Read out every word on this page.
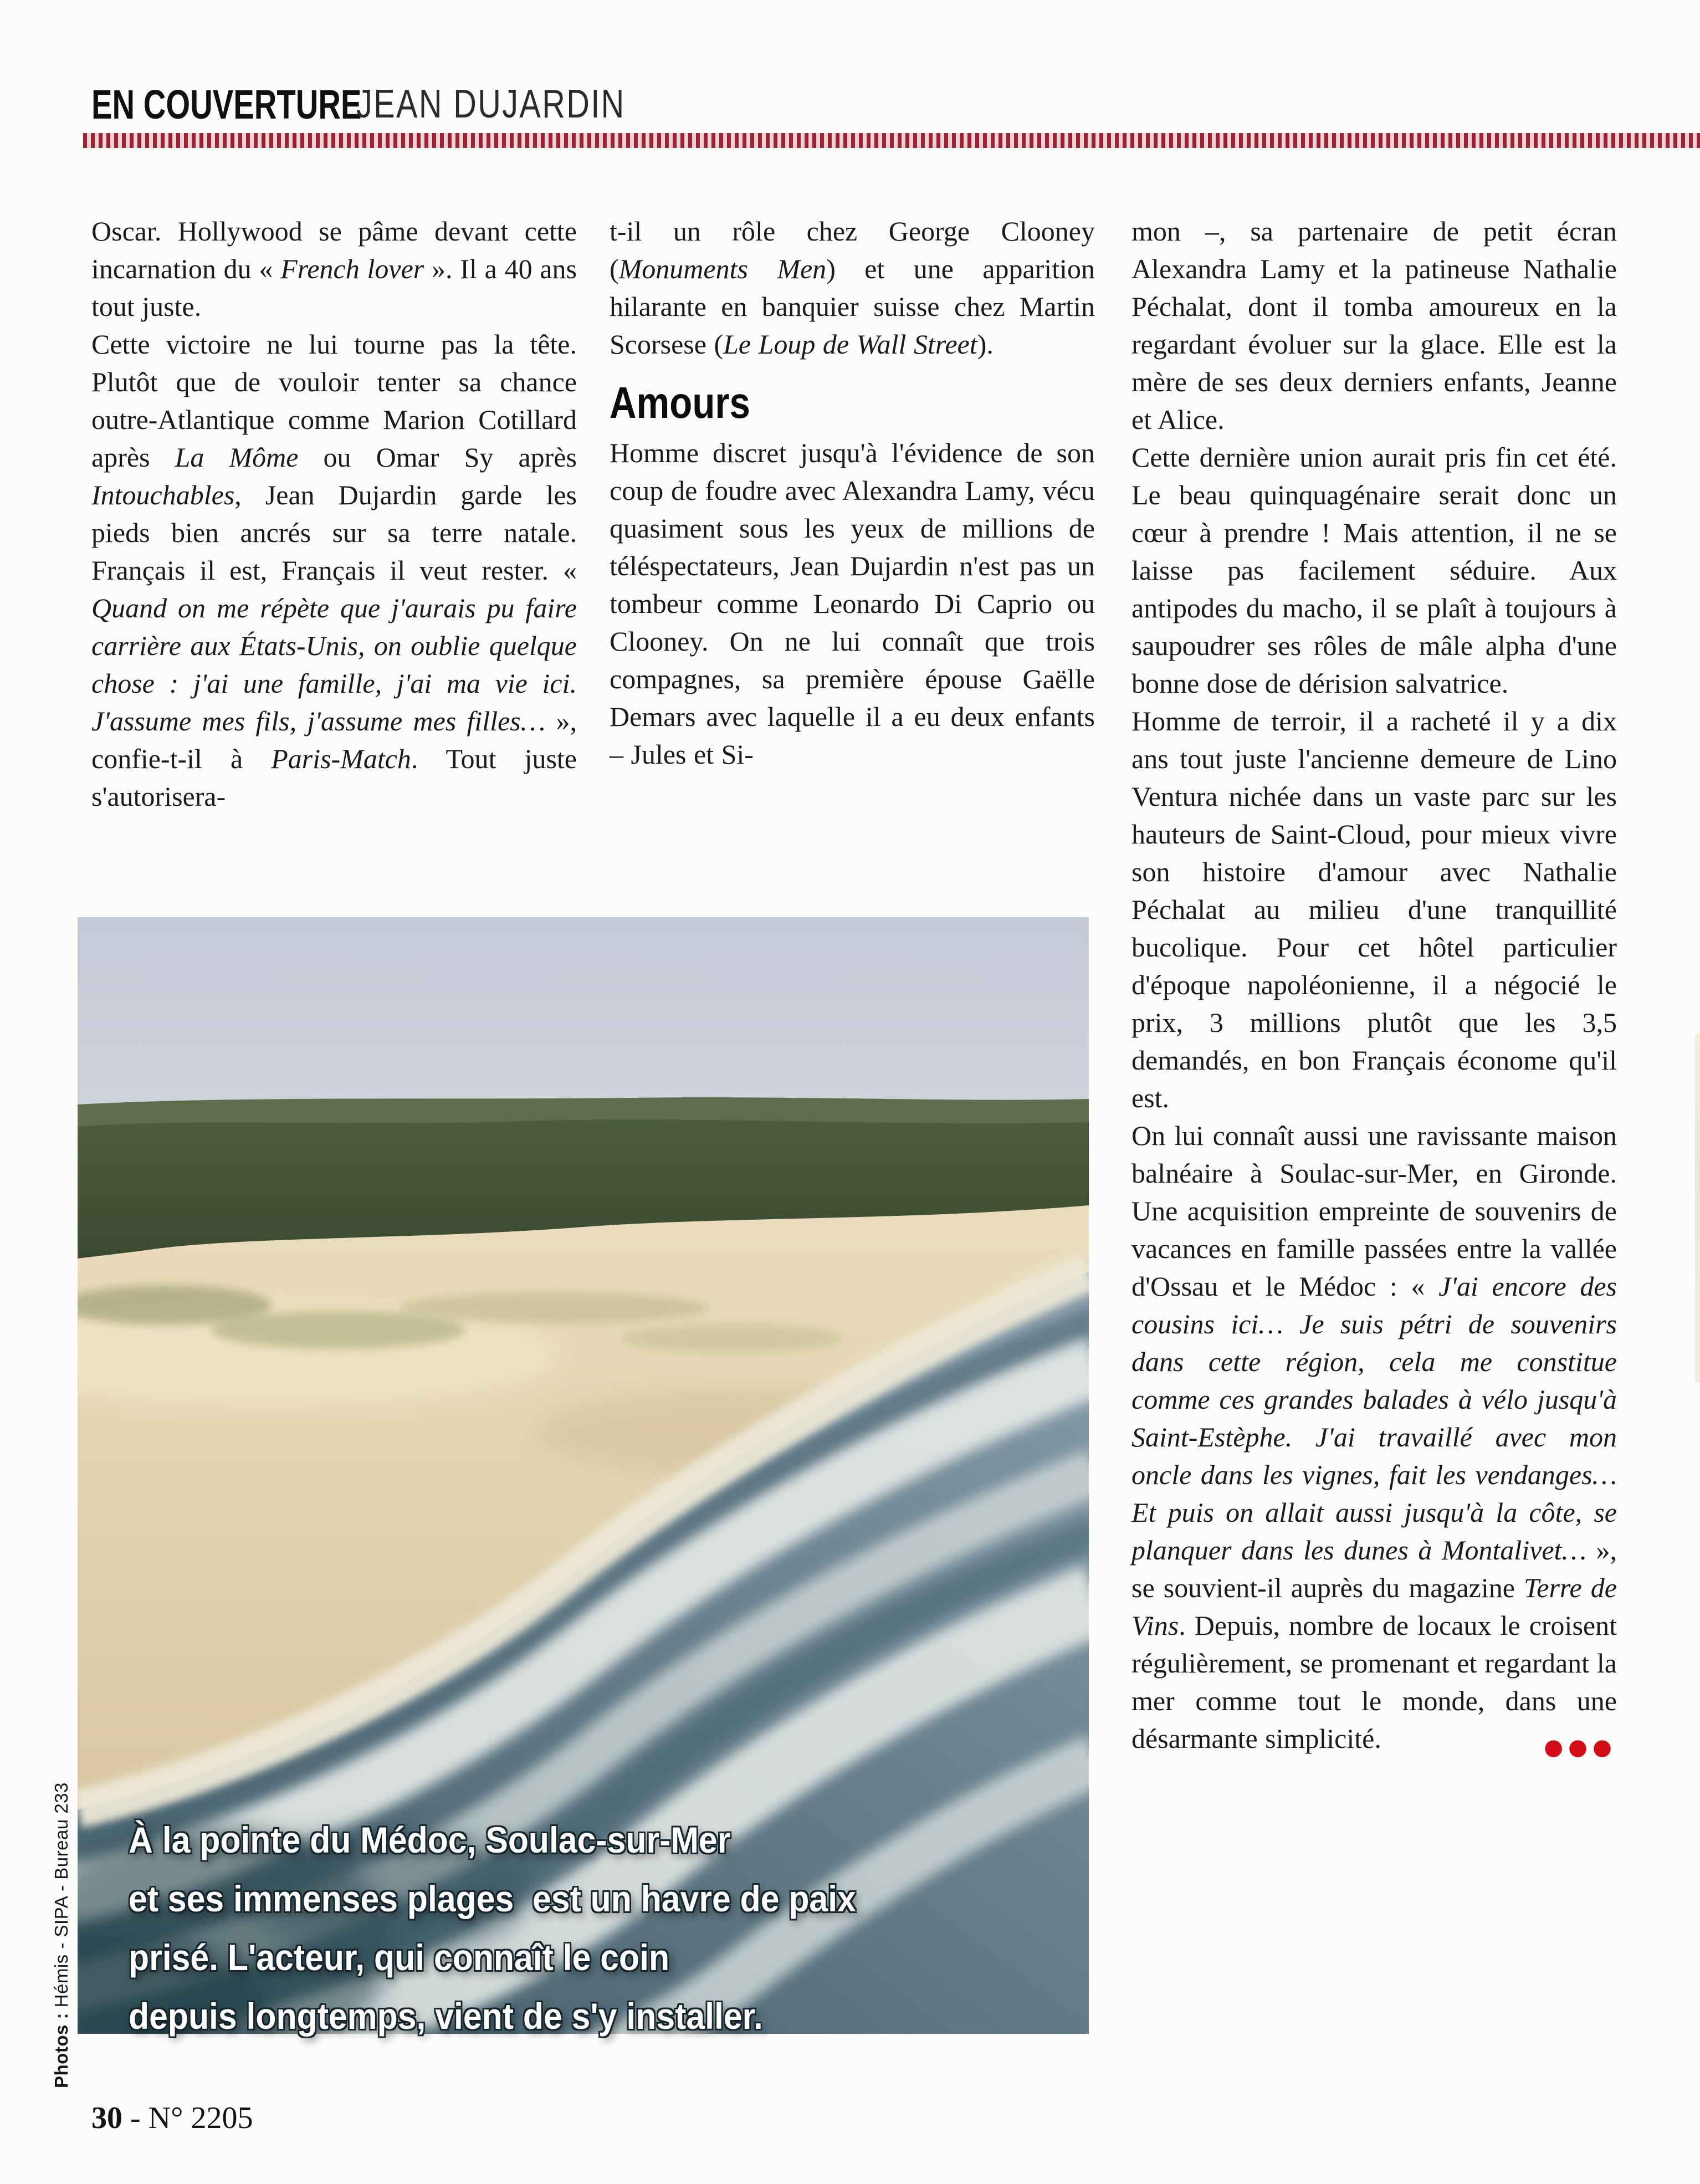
EN COUVERTURE
JEAN DUJARDIN

Oscar. Hollywood se pâme devant cette incarnation du « French lover ». Il a 40 ans tout juste.

Cette victoire ne lui tourne pas la tête. Plutôt que de vouloir tenter sa chance outre-Atlantique comme Marion Cotillard après La Môme ou Omar Sy après Intouchables, Jean Dujardin garde les pieds bien ancrés sur sa terre natale. Français il est, Français il veut rester. « Quand on me répète que j'aurais pu faire carrière aux États-Unis, on oublie quelque chose : j'ai une famille, j'ai ma vie ici. J'assume mes fils, j'assume mes filles… », confie-t-il à Paris-Match. Tout juste s'autorisera-

t-il un rôle chez George Clooney (Monuments Men) et une apparition hilarante en banquier suisse chez Martin Scorsese (Le Loup de Wall Street).

Amours

Homme discret jusqu'à l'évidence de son coup de foudre avec Alexandra Lamy, vécu quasiment sous les yeux de millions de téléspectateurs, Jean Dujardin n'est pas un tombeur comme Leonardo Di Caprio ou Clooney. On ne lui connaît que trois compagnes, sa première épouse Gaëlle Demars avec laquelle il a eu deux enfants – Jules et Si-

mon –, sa partenaire de petit écran Alexandra Lamy et la patineuse Nathalie Péchalat, dont il tomba amoureux en la regardant évoluer sur la glace. Elle est la mère de ses deux derniers enfants, Jeanne et Alice.

Cette dernière union aurait pris fin cet été. Le beau quinquagénaire serait donc un cœur à prendre ! Mais attention, il ne se laisse pas facilement séduire. Aux antipodes du macho, il se plaît à toujours à saupoudrer ses rôles de mâle alpha d'une bonne dose de dérision salvatrice.

Homme de terroir, il a racheté il y a dix ans tout juste l'ancienne demeure de Lino Ventura nichée dans un vaste parc sur les hauteurs de Saint-Cloud, pour mieux vivre son histoire d'amour avec Nathalie Péchalat au milieu d'une tranquillité bucolique. Pour cet hôtel particulier d'époque napoléonienne, il a négocié le prix, 3 millions plutôt que les 3,5 demandés, en bon Français économe qu'il est.

On lui connaît aussi une ravissante maison balnéaire à Soulac-sur-Mer, en Gironde. Une acquisition empreinte de souvenirs de vacances en famille passées entre la vallée d'Ossau et le Médoc : « J'ai encore des cousins ici… Je suis pétri de souvenirs dans cette région, cela me constitue comme ces grandes balades à vélo jusqu'à Saint-Estèphe. J'ai travaillé avec mon oncle dans les vignes, fait les vendanges… Et puis on allait aussi jusqu'à la côte, se planquer dans les dunes à Montalivet… », se souvient-il auprès du magazine Terre de Vins. Depuis, nombre de locaux le croisent régulièrement, se promenant et regardant la mer comme tout le monde, dans une désarmante simplicité.	●●●

À la pointe du Médoc, Soulac-sur-Mer
et ses immenses plages  est un havre de paix
prisé. L'acteur, qui connaît le coin
depuis longtemps, vient de s'y installer.
Photos : Hémis - SIPA - Bureau 233
30 - N° 2205
